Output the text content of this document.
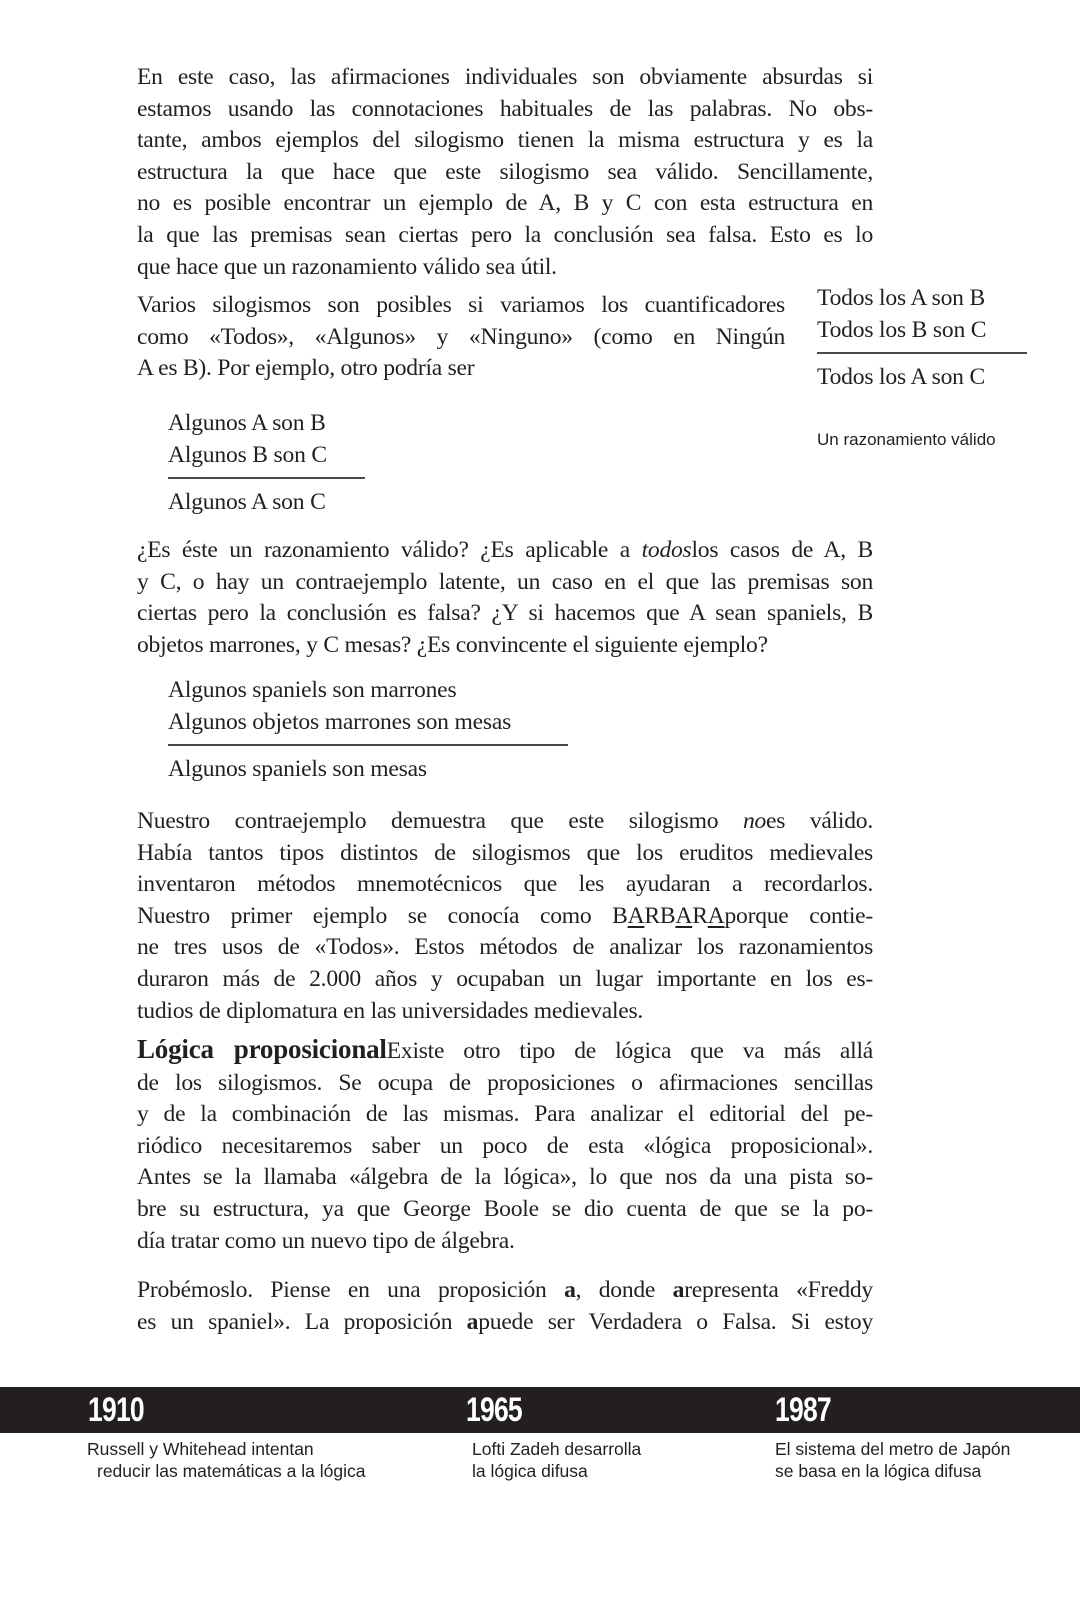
En este caso, las afirmaciones individuales son obviamente absurdas si
estamos usando las connotaciones habituales de las palabras. No obs-
tante, ambos ejemplos del silogismo tienen la misma estructura y es la
estructura la que hace que este silogismo sea válido. Sencillamente,
no es posible encontrar un ejemplo de A, B y C con esta estructura en
la que las premisas sean ciertas pero la conclusión sea falsa. Esto es lo
que hace que un razonamiento válido sea útil.
Varios silogismos son posibles si variamos los cuantificadores
como «Todos», «Algunos» y «Ninguno» (como en Ningún
A es B). Por ejemplo, otro podría ser
Todos los A son B
Todos los B son C
Todos los A son C
Un razonamiento válido
Algunos A son B
Algunos B son C
Algunos A son C
¿Es éste un razonamiento válido? ¿Es aplicable a todoslos casos de A, B
y C, o hay un contraejemplo latente, un caso en el que las premisas son
ciertas pero la conclusión es falsa? ¿Y si hacemos que A sean spaniels, B
objetos marrones, y C mesas? ¿Es convincente el siguiente ejemplo?
Algunos spaniels son marrones
Algunos objetos marrones son mesas
Algunos spaniels son mesas
Nuestro contraejemplo demuestra que este silogismo noes válido.
Había tantos tipos distintos de silogismos que los eruditos medievales
inventaron métodos mnemotécnicos que les ayudaran a recordarlos.
Nuestro primer ejemplo se conocía como BARBARAporque contie-
ne tres usos de «Todos». Estos métodos de analizar los razonamientos
duraron más de 2.000 años y ocupaban un lugar importante en los es-
tudios de diplomatura en las universidades medievales.
Lógica proposicionalExiste otro tipo de lógica que va más allá
de los silogismos. Se ocupa de proposiciones o afirmaciones sencillas
y de la combinación de las mismas. Para analizar el editorial del pe-
riódico necesitaremos saber un poco de esta «lógica proposicional».
Antes se la llamaba «álgebra de la lógica», lo que nos da una pista so-
bre su estructura, ya que George Boole se dio cuenta de que se la po-
día tratar como un nuevo tipo de álgebra.
Probémoslo. Piense en una proposición a, donde arepresenta «Freddy
es un spaniel». La proposición apuede ser Verdadera o Falsa. Si estoy
1910	1965	1987
Russell y Whitehead intentan
reducir las matemáticas a la lógica
Lofti Zadeh desarrolla
la lógica difusa
El sistema del metro de Japón
se basa en la lógica difusa
